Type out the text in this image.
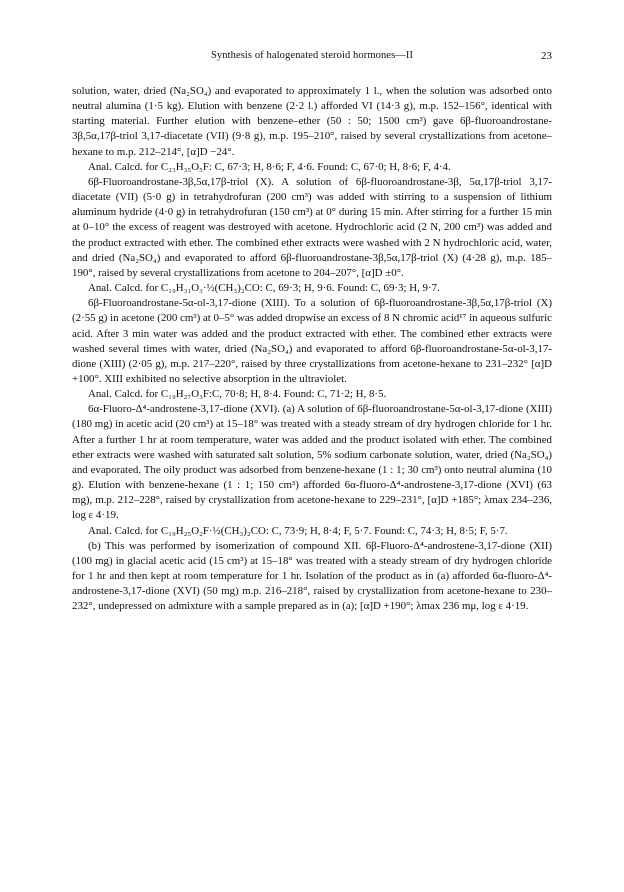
Synthesis of halogenated steroid hormones—II	23

solution, water, dried (Na₂SO₄) and evaporated to approximately 1 l., when the solution was adsorbed onto neutral alumina (1·5 kg). Elution with benzene (2·2 l.) afforded VI (14·3 g), m.p. 152–156°, identical with starting material. Further elution with benzene–ether (50 : 50; 1500 cm³) gave 6β-fluoroandrostane-3β,5α,17β-triol 3,17-diacetate (VII) (9·8 g), m.p. 195–210°, raised by several crystallizations from acetone–hexane to m.p. 212–214°, [α]D −24°.

Anal. Calcd. for C₂₃H₃₅O₅F: C, 67·3; H, 8·6; F, 4·6. Found: C, 67·0; H, 8·6; F, 4·4.

6β-Fluoroandrostane-3β,5α,17β-triol (X). A solution of 6β-fluoroandrostane-3β, 5α,17β-triol 3,17-diacetate (VII) (5·0 g) in tetrahydrofuran (200 cm³) was added with stirring to a suspension of lithium aluminum hydride (4·0 g) in tetrahydrofuran (150 cm³) at 0° during 15 min. After stirring for a further 15 min at 0–10° the excess of reagent was destroyed with acetone. Hydrochloric acid (2 N, 200 cm³) was added and the product extracted with ether. The combined ether extracts were washed with 2 N hydrochloric acid, water, and dried (Na₂SO₄) and evaporated to afford 6β-fluoroandrostane-3β,5α,17β-triol (X) (4·28 g), m.p. 185–190°, raised by several crystallizations from acetone to 204–207°, [α]D ±0°.

Anal. Calcd. for C₁₉H₃₁O₃·½(CH₃)₂CO: C, 69·3; H, 9·6. Found: C, 69·3; H, 9·7.

6β-Fluoroandrostane-5α-ol-3,17-dione (XIII). To a solution of 6β-fluoroandrostane-3β,5α,17β-triol (X) (2·55 g) in acetone (200 cm³) at 0–5° was added dropwise an excess of 8 N chromic acid¹⁷ in aqueous sulfuric acid. After 3 min water was added and the product extracted with ether. The combined ether extracts were washed several times with water, dried (Na₂SO₄) and evaporated to afford 6β-fluoroandrostane-5α-ol-3,17-dione (XIII) (2·05 g), m.p. 217–220°, raised by three crystallizations from acetone-hexane to 231–232° [α]D +100°. XIII exhibited no selective absorption in the ultraviolet.

Anal. Calcd. for C₁₉H₂₇O₃F:C, 70·8; H, 8·4. Found: C, 71·2; H, 8·5.

6α-Fluoro-Δ⁴-androstene-3,17-dione (XVI). (a) A solution of 6β-fluoroandrostane-5α-ol-3,17-dione (XIII) (180 mg) in acetic acid (20 cm³) at 15–18° was treated with a steady stream of dry hydrogen chloride for 1 hr. After a further 1 hr at room temperature, water was added and the product isolated with ether. The combined ether extracts were washed with saturated salt solution, 5% sodium carbonate solution, water, dried (Na₂SO₄) and evaporated. The oily product was adsorbed from benzene-hexane (1 : 1; 30 cm³) onto neutral alumina (10 g). Elution with benzene-hexane (1 : 1; 150 cm³) afforded 6α-fluoro-Δ⁴-androstene-3,17-dione (XVI) (63 mg), m.p. 212–228°, raised by crystallization from acetone-hexane to 229–231°, [α]D +185°; λmax 234–236, log ε 4·19.

Anal. Calcd. for C₁₉H₂₅O₂F·½(CH₃)₂CO: C, 73·9; H, 8·4; F, 5·7. Found: C, 74·3; H, 8·5; F, 5·7.

(b) This was performed by isomerization of compound XII. 6β-Fluoro-Δ⁴-androstene-3,17-dione (XII) (100 mg) in glacial acetic acid (15 cm³) at 15–18° was treated with a steady stream of dry hydrogen chloride for 1 hr and then kept at room temperature for 1 hr. Isolation of the product as in (a) afforded 6α-fluoro-Δ⁴-androstene-3,17-dione (XVI) (50 mg) m.p. 216–218°, raised by crystallization from acetone-hexane to 230–232°, undepressed on admixture with a sample prepared as in (a); [α]D +190°; λmax 236 mμ, log ε 4·19.
